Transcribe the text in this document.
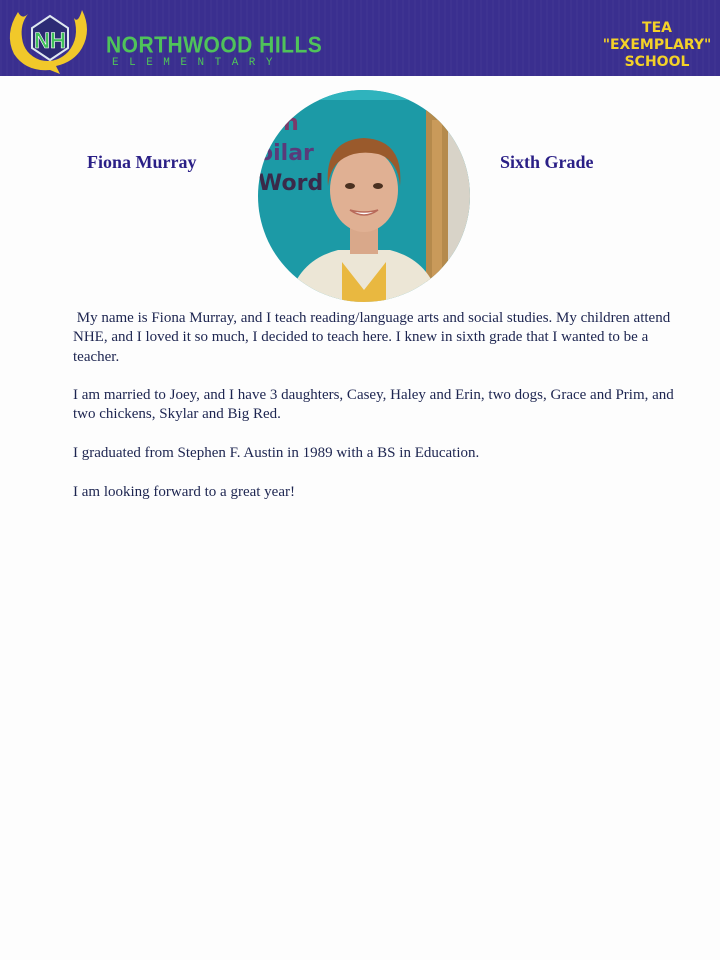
NH NORTHWOOD HILLS
ELEMENTARY
TEA
"EXEMPLARY"
SCHOOL
Fiona Murray
on
oilar
Word
Sixth Grade

My name is Fiona Murray, and I teach reading/language arts and social studies. My children attend NHE, and I loved it so much, I decided to teach here. I knew in sixth grade that I wanted to be a teacher.

I am married to Joey, and I have 3 daughters, Casey, Haley and Erin, two dogs, Grace and Prim, and two chickens, Skylar and Big Red.

I graduated from Stephen F. Austin in 1989 with a BS in Education.

I am looking forward to a great year!
